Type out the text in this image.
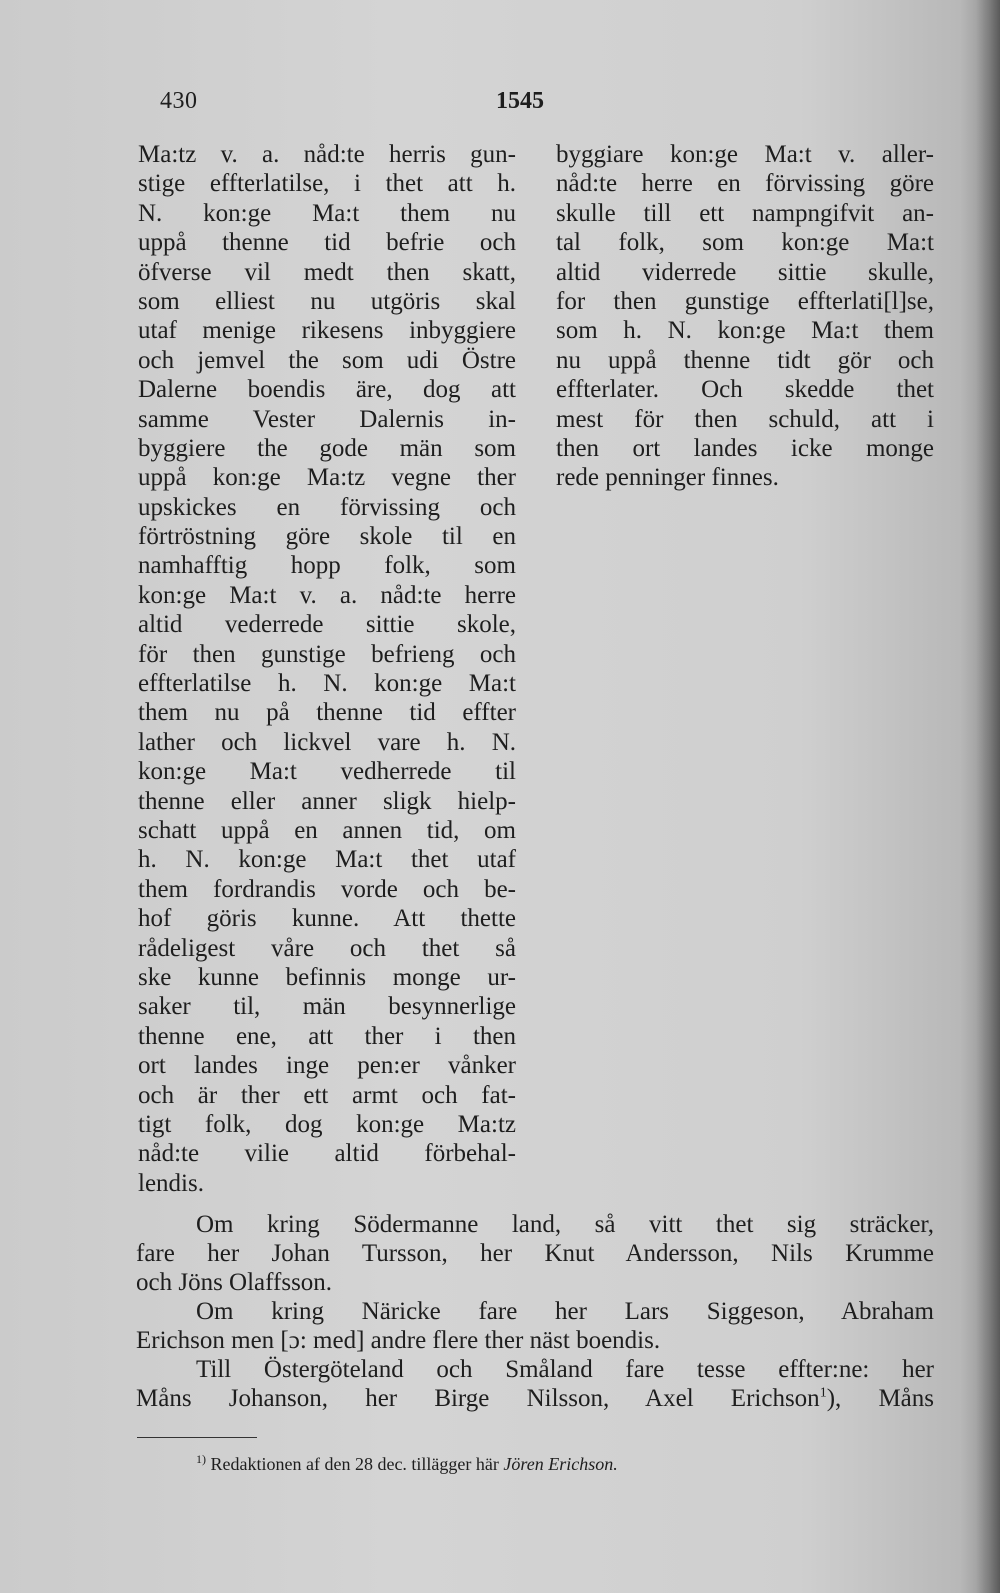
430	1545
Ma:tz v. a. nåd:te herris gun-
stige effterlatilse, i thet att h.
N. kon:ge Ma:t them nu
uppå thenne tid befrie och
öfverse vil medt then skatt,
som elliest nu utgöris skal
utaf menige rikesens inbyggiere
och jemvel the som udi Östre
Dalerne boendis äre, dog att
samme Vester Dalernis in-
byggiere the gode män som
uppå kon:ge Ma:tz vegne ther
upskickes en förvissing och
förtröstning göre skole til en
namhafftig hopp folk, som
kon:ge Ma:t v. a. nåd:te herre
altid vederrede sittie skole,
för then gunstige befrieng och
effterlatilse h. N. kon:ge Ma:t
them nu på thenne tid effter
lather och lickvel vare h. N.
kon:ge Ma:t vedherrede til
thenne eller anner sligk hielp-
schatt uppå en annen tid, om
h. N. kon:ge Ma:t thet utaf
them fordrandis vorde och be-
hof göris kunne. Att thette
rådeligest våre och thet så
ske kunne befinnis monge ur-
saker til, män besynnerlige
thenne ene, att ther i then
ort landes inge pen:er vånker
och är ther ett armt och fat-
tigt folk, dog kon:ge Ma:tz
nåd:te vilie altid förbehal-
lendis.
byggiare kon:ge Ma:t v. aller-
nåd:te herre en förvissing göre
skulle till ett nampngifvit an-
tal folk, som kon:ge Ma:t
altid viderrede sittie skulle,
for then gunstige effterlati[l]se,
som h. N. kon:ge Ma:t them
nu uppå thenne tidt gör och
effterlater. Och skedde thet
mest för then schuld, att i
then ort landes icke monge
rede penninger finnes.
Om kring Södermanne land, så vitt thet sig sträcker,
fare her Johan Tursson, her Knut Andersson, Nils Krumme
och Jöns Olaffsson.
Om kring Näricke fare her Lars Siggeson, Abraham
Erichson men [ɔ: med] andre flere ther näst boendis.
Till Östergöteland och Småland fare tesse effter:ne: her
Måns Johanson, her Birge Nilsson, Axel Erichson$^1$), Måns
$^{1)}$ Redaktionen af den 28 dec. tillägger här Jören Erichson.
